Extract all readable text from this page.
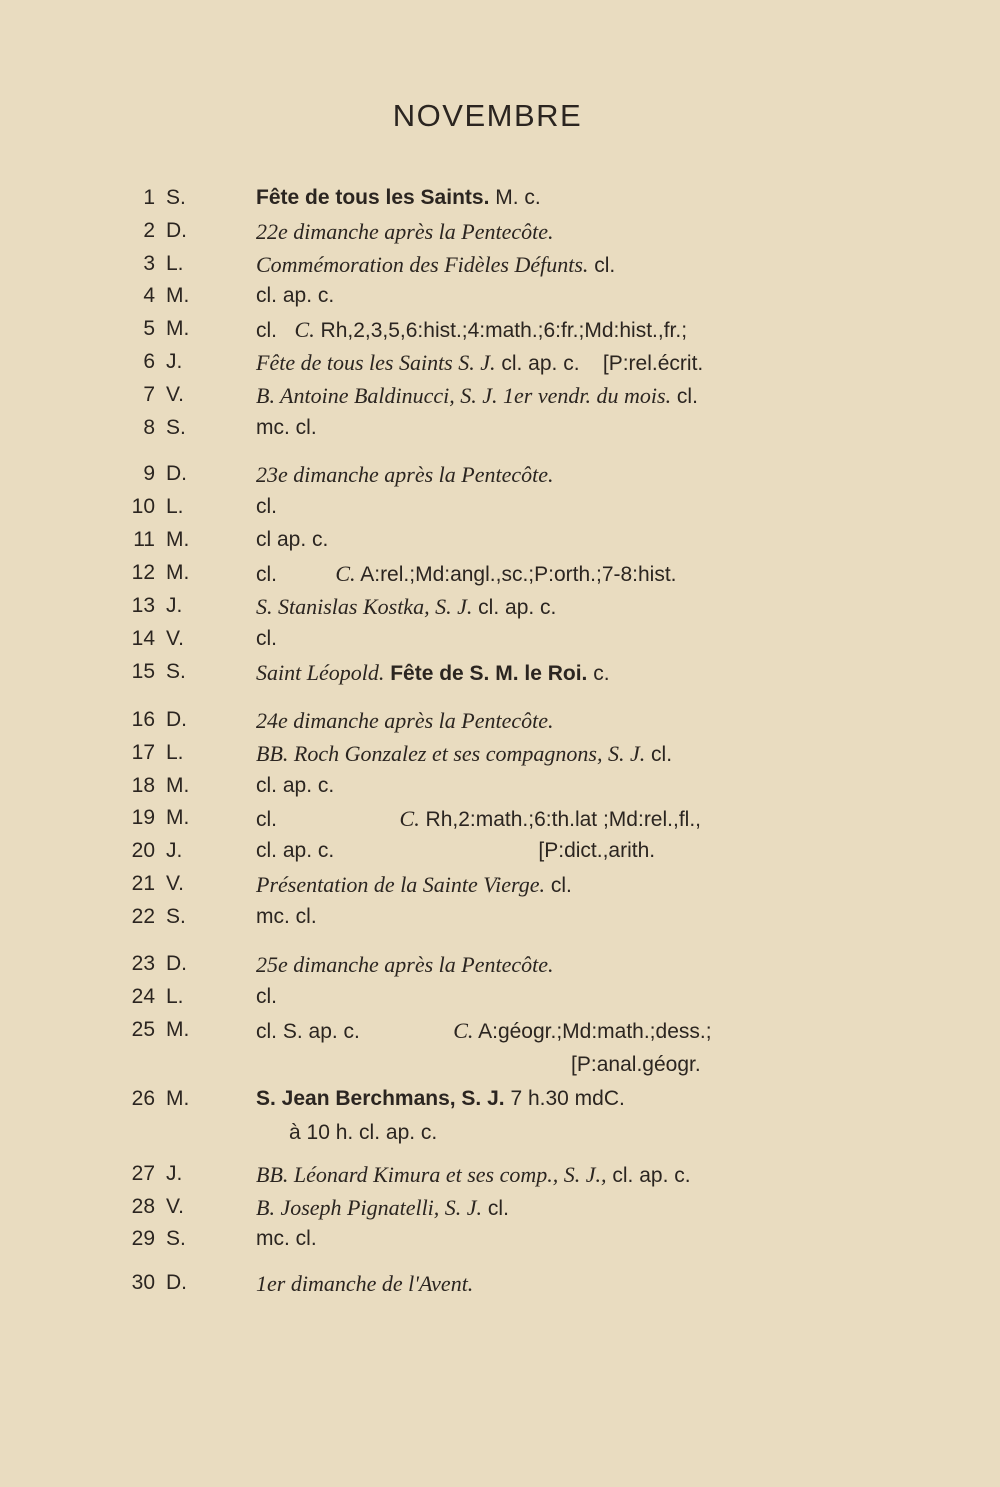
NOVEMBRE
1 S.	Fête de tous les Saints. M. c.
2 D.	22e dimanche après la Pentecôte.
3 L.	Commémoration des Fidèles Défunts. cl.
4 M.	cl. ap. c.
5 M.	cl.   C. Rh,2,3,5,6:hist.;4:math.;6:fr.;Md:hist.,fr.;
6 J.	Fête de tous les Saints S. J. cl. ap. c.    [P:rel.écrit.
7 V.	B. Antoine Baldinucci, S. J. 1er vendr. du mois. cl.
8 S.	mc. cl.
9 D.	23e dimanche après la Pentecôte.
10 L.	cl.
11 M.	cl ap. c.
12 M.	cl.          C. A:rel.;Md:angl.,sc.;P:orth.;7-8:hist.
13 J.	S. Stanislas Kostka, S. J. cl. ap. c.
14 V.	cl.
15 S.	Saint Léopold. Fête de S. M. le Roi. c.
16 D.	24e dimanche après la Pentecôte.
17 L.	BB. Roch Gonzalez et ses compagnons, S. J. cl.
18 M.	cl. ap. c.
19 M.	cl.                     C. Rh,2:math.;6:th.lat ;Md:rel.,fl.,
20 J.	cl. ap. c.                                   [P:dict.,arith.
21 V.	Présentation de la Sainte Vierge. cl.
22 S.	mc. cl.
23 D.	25e dimanche après la Pentecôte.
24 L.	cl.
25 M.	cl. S. ap. c.                C. A:géogr.;Md:math.;dess.;
[P:anal.géogr.
26 M.	S. Jean Berchmans, S. J. 7 h.30 mdC.
à 10 h. cl. ap. c.
27 J.	BB. Léonard Kimura et ses comp., S. J., cl. ap. c.
28 V.	B. Joseph Pignatelli, S. J. cl.
29 S.	mc. cl.
30 D.	1er dimanche de l'Avent.
